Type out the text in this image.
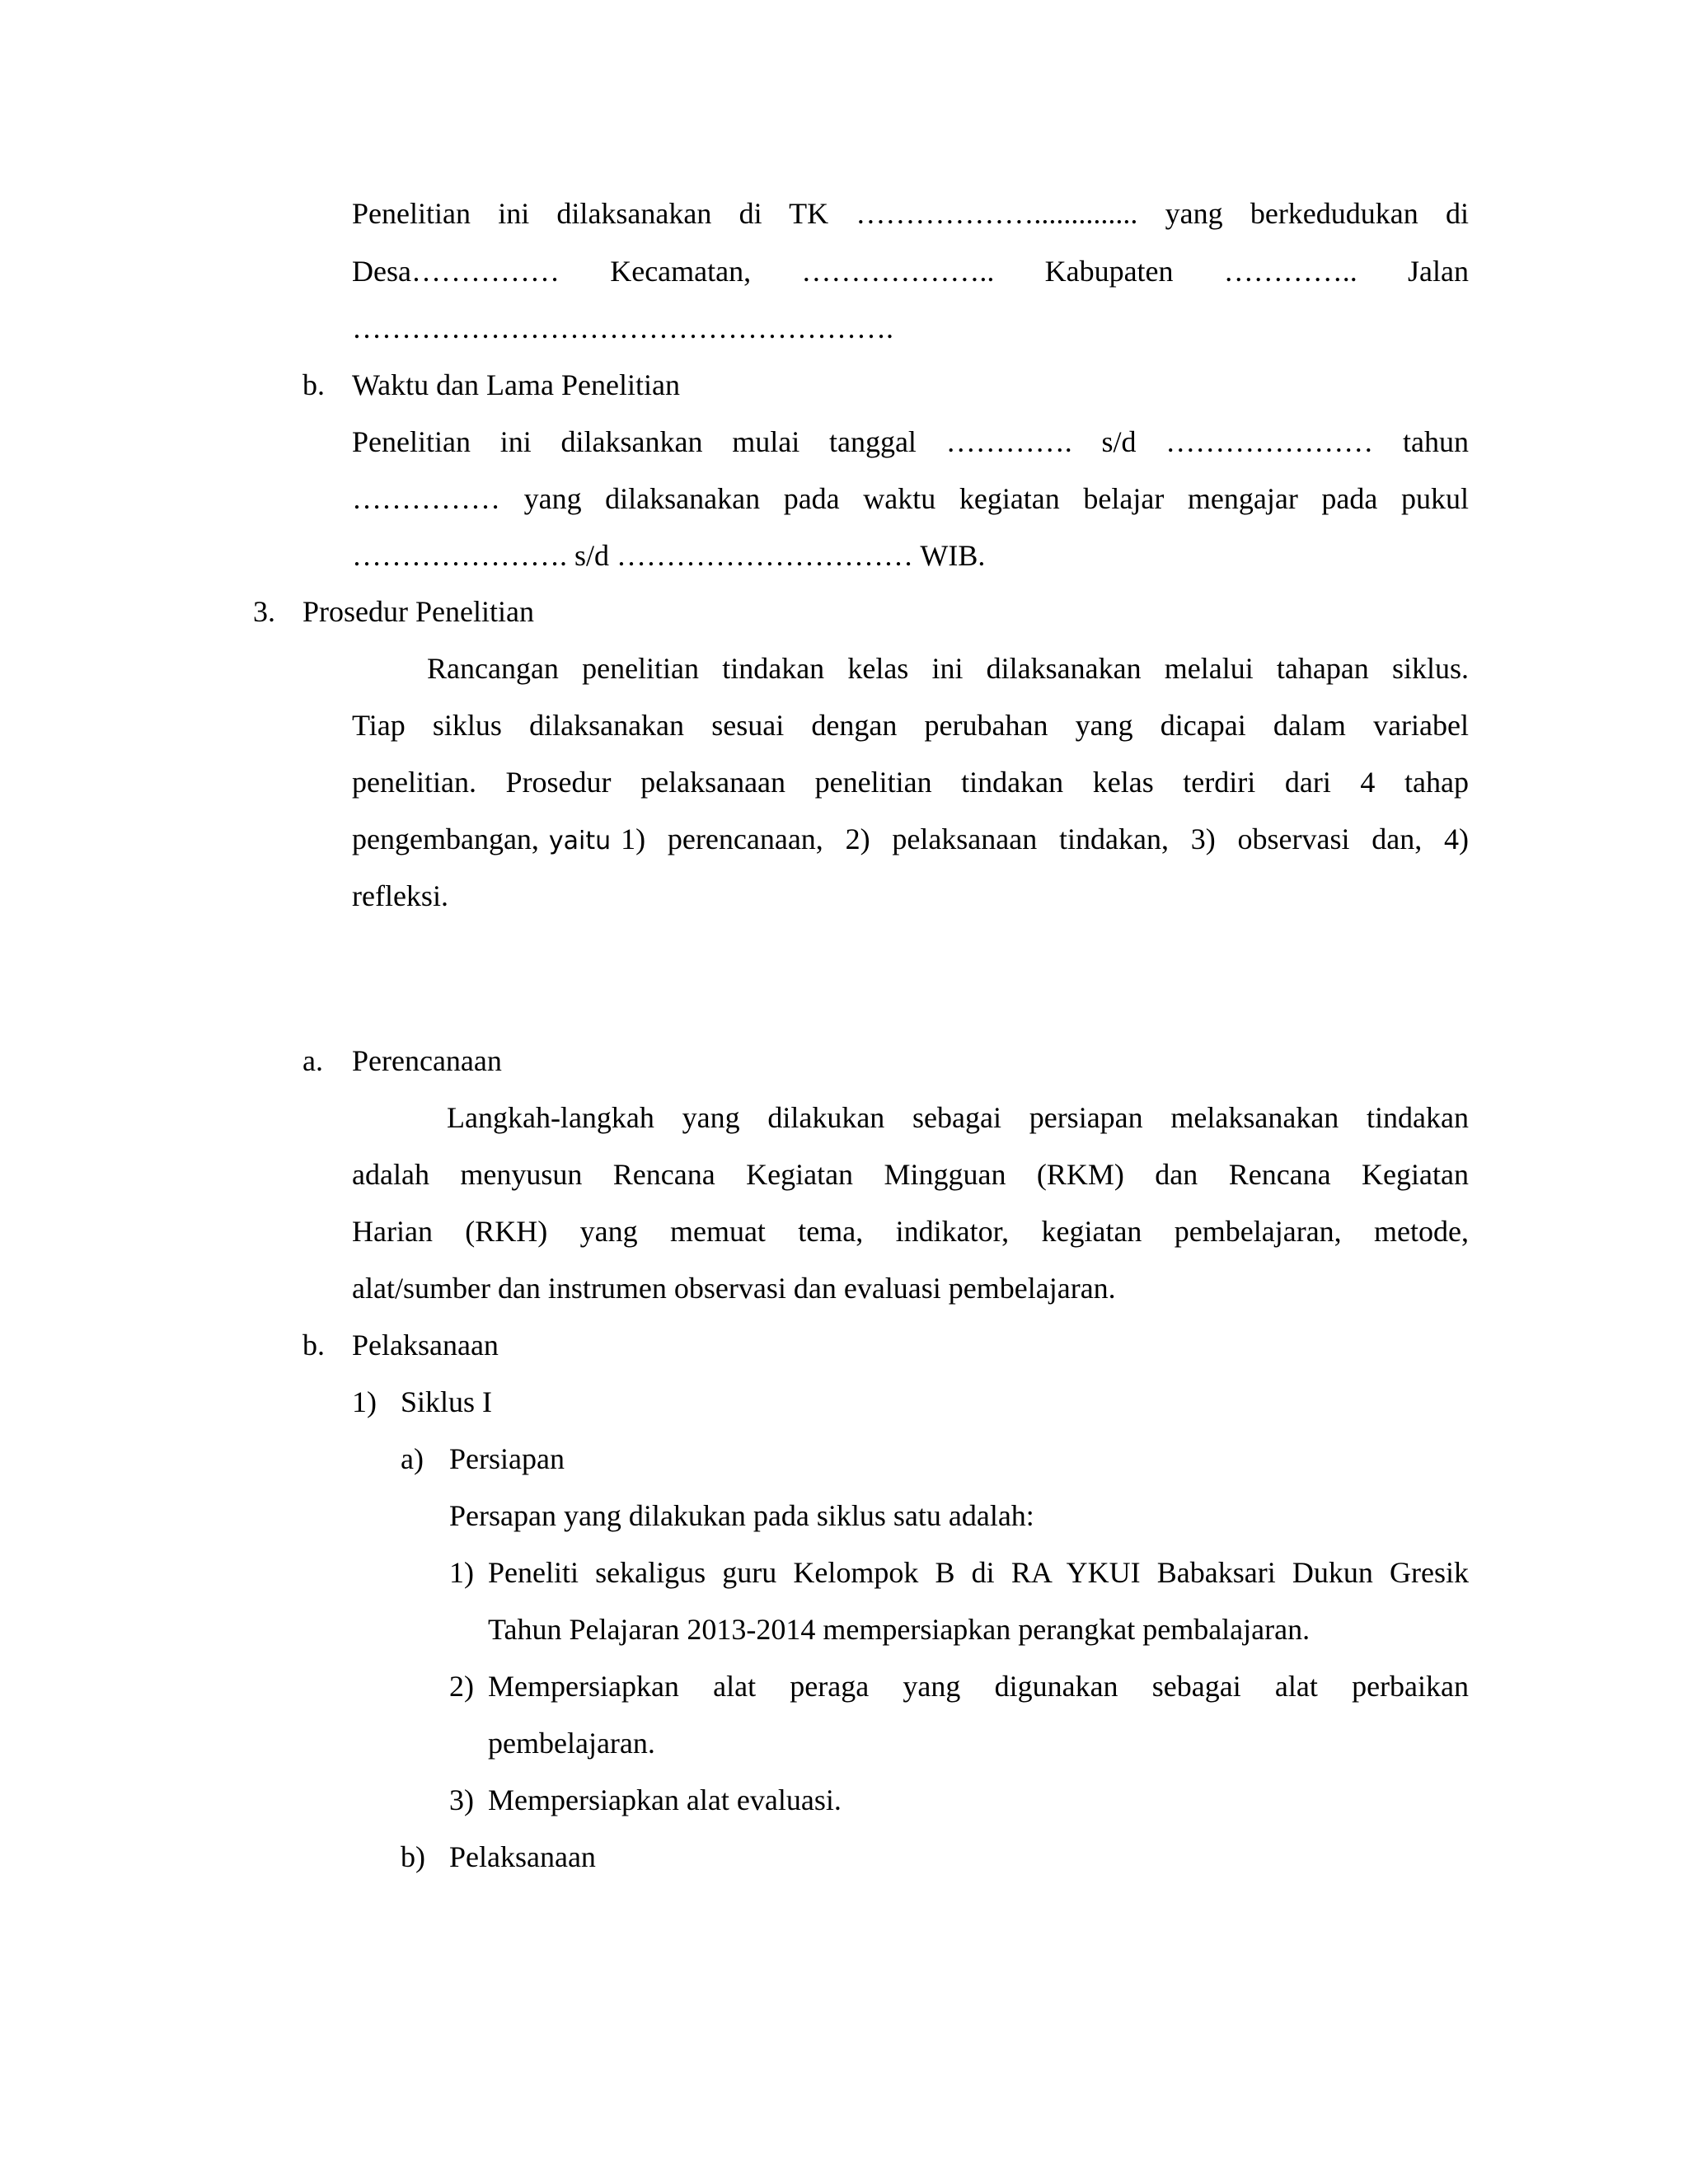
Penelitian ini dilaksanakan di TK ……………….............. yang berkedudukan di
Desa…………… Kecamatan, ……………….. Kabupaten ………….. Jalan
……………………………………………….
b. Waktu dan Lama Penelitian
Penelitian ini dilaksankan mulai tanggal …………. s/d ………………… tahun
…………… yang dilaksanakan pada waktu kegiatan belajar mengajar pada pukul
…………………. s/d ………………………… WIB.
3. Prosedur Penelitian
Rancangan penelitian tindakan kelas ini dilaksanakan melalui tahapan siklus.
Tiap siklus dilaksanakan sesuai dengan perubahan yang dicapai dalam variabel
penelitian. Prosedur pelaksanaan penelitian tindakan kelas terdiri dari 4 tahap
pengembangan, yaitu 1) perencanaan, 2) pelaksanaan tindakan, 3) observasi dan, 4)
refleksi.
a. Perencanaan
Langkah-langkah yang dilakukan sebagai persiapan melaksanakan tindakan
adalah menyusun Rencana Kegiatan Mingguan (RKM) dan Rencana Kegiatan
Harian (RKH) yang memuat tema, indikator, kegiatan pembelajaran, metode,
alat/sumber dan instrumen observasi dan evaluasi pembelajaran.
b. Pelaksanaan
1) Siklus I
a) Persiapan
Persapan yang dilakukan pada siklus satu adalah:
1) Peneliti sekaligus guru Kelompok B di RA YKUI Babaksari Dukun Gresik
Tahun Pelajaran 2013-2014 mempersiapkan perangkat pembalajaran.
2) Mempersiapkan alat peraga yang digunakan sebagai alat perbaikan
pembelajaran.
3) Mempersiapkan alat evaluasi.
b) Pelaksanaan
